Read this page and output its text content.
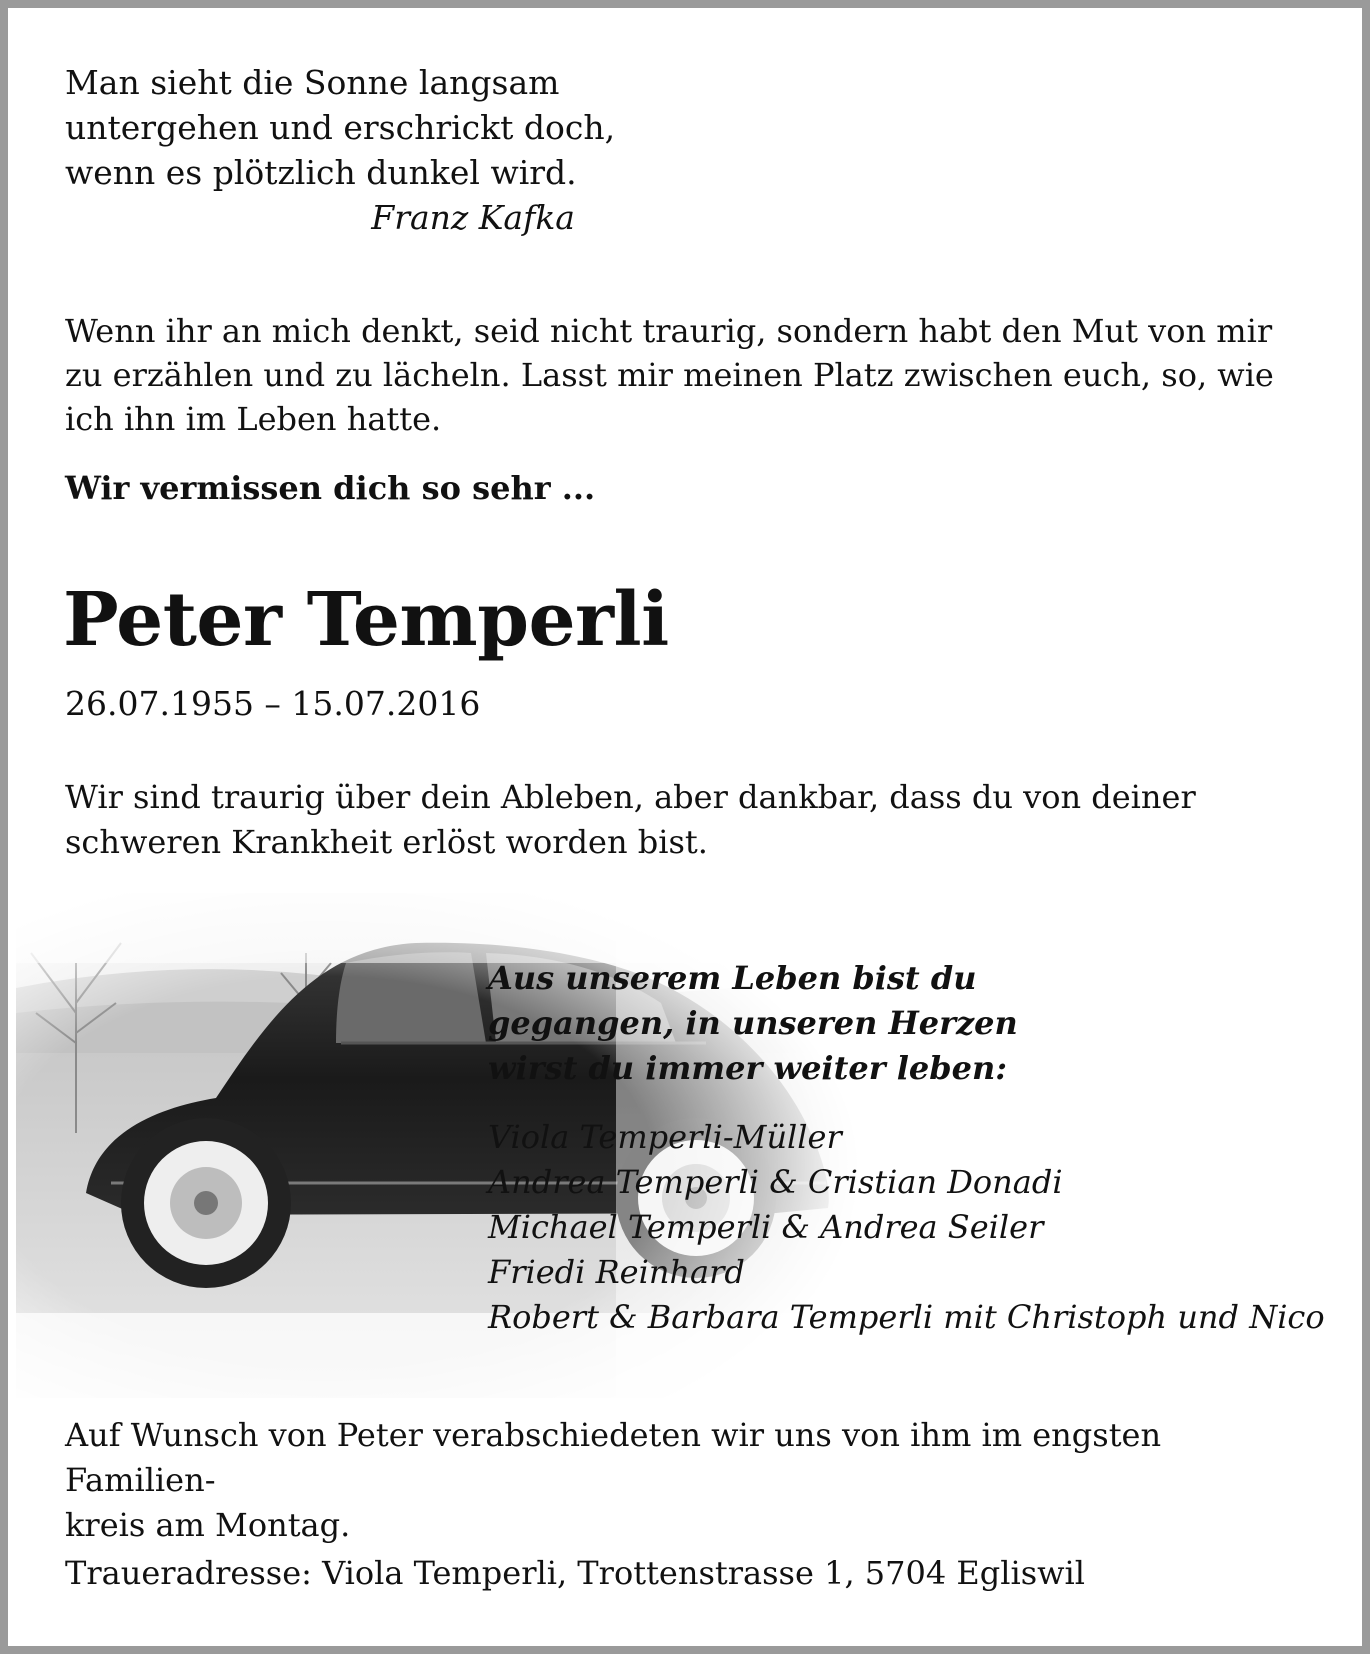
Man sieht die Sonne langsam
untergehen und erschrickt doch,
wenn es plötzlich dunkel wird.
Franz Kafka
Wenn ihr an mich denkt, seid nicht traurig, sondern habt den Mut von mir zu erzählen und zu lächeln. Lasst mir meinen Platz zwischen euch, so, wie ich ihn im Leben hatte.
Wir vermissen dich so sehr ...
Peter Temperli
26.07.1955 – 15.07.2016
Wir sind traurig über dein Ableben, aber dankbar, dass du von deiner schweren Krankheit erlöst worden bist.
Aus unserem Leben bist du
gegangen, in unseren Herzen
wirst du immer weiter leben:
Viola Temperli-Müller
Andrea Temperli & Cristian Donadi
Michael Temperli & Andrea Seiler
Friedi Reinhard
Robert & Barbara Temperli mit Christoph und Nico
Auf Wunsch von Peter verabschiedeten wir uns von ihm im engsten Familien-
kreis am Montag.
Traueradresse: Viola Temperli, Trottenstrasse 1, 5704 Egliswil
